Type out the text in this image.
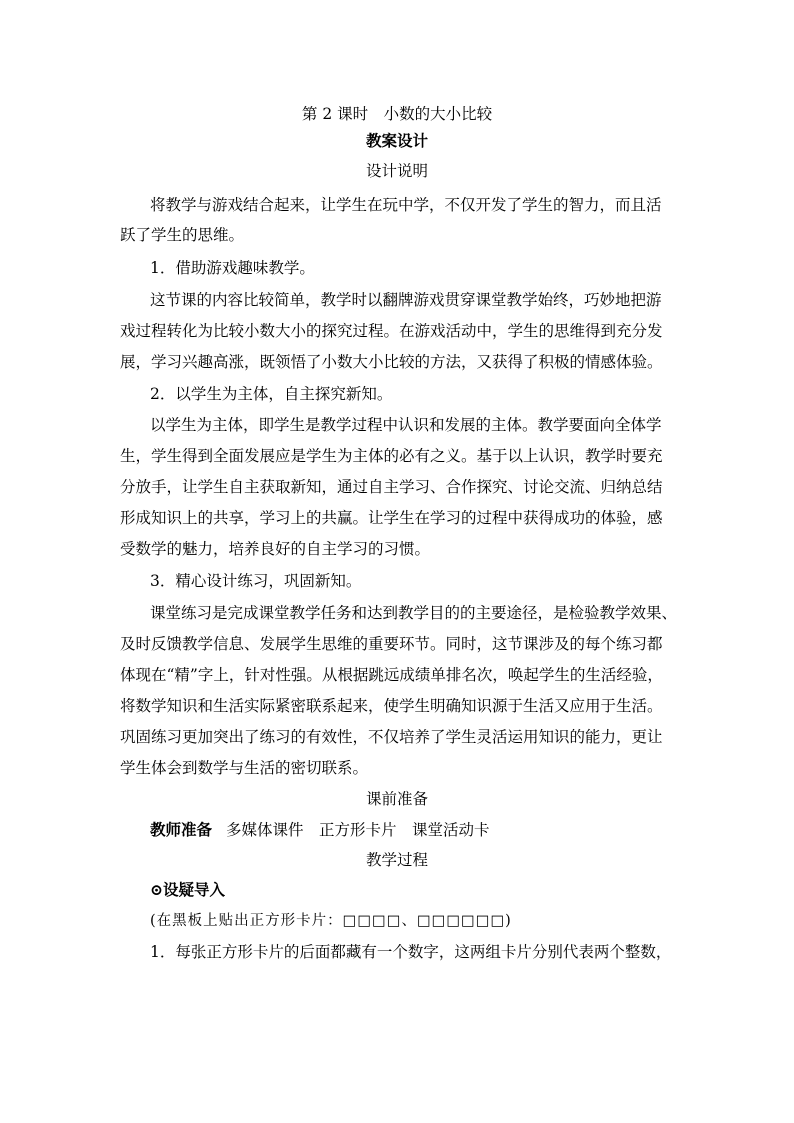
第 2 课时　小数的大小比较
教案设计
设计说明
将教学与游戏结合起来，让学生在玩中学，不仅开发了学生的智力，而且活
跃了学生的思维。
1．借助游戏趣味教学。
这节课的内容比较简单，教学时以翻牌游戏贯穿课堂教学始终，巧妙地把游
戏过程转化为比较小数大小的探究过程。在游戏活动中，学生的思维得到充分发
展，学习兴趣高涨，既领悟了小数大小比较的方法，又获得了积极的情感体验。
2．以学生为主体，自主探究新知。
以学生为主体，即学生是教学过程中认识和发展的主体。教学要面向全体学
生，学生得到全面发展应是学生为主体的必有之义。基于以上认识，教学时要充
分放手，让学生自主获取新知，通过自主学习、合作探究、讨论交流、归纳总结
形成知识上的共享，学习上的共赢。让学生在学习的过程中获得成功的体验，感
受数学的魅力，培养良好的自主学习的习惯。
3．精心设计练习，巩固新知。
课堂练习是完成课堂教学任务和达到教学目的的主要途径，是检验教学效果、
及时反馈教学信息、发展学生思维的重要环节。同时，这节课涉及的每个练习都
体现在“精”字上，针对性强。从根据跳远成绩单排名次，唤起学生的生活经验，
将数学知识和生活实际紧密联系起来，使学生明确知识源于生活又应用于生活。
巩固练习更加突出了练习的有效性，不仅培养了学生灵活运用知识的能力，更让
学生体会到数学与生活的密切联系。
课前准备
教师准备 多媒体课件　正方形卡片　课堂活动卡
教学过程
⊙设疑导入
(在黑板上贴出正方形卡片：□□□□、□□□□□□)
1．每张正方形卡片的后面都藏有一个数字，这两组卡片分别代表两个整数，
